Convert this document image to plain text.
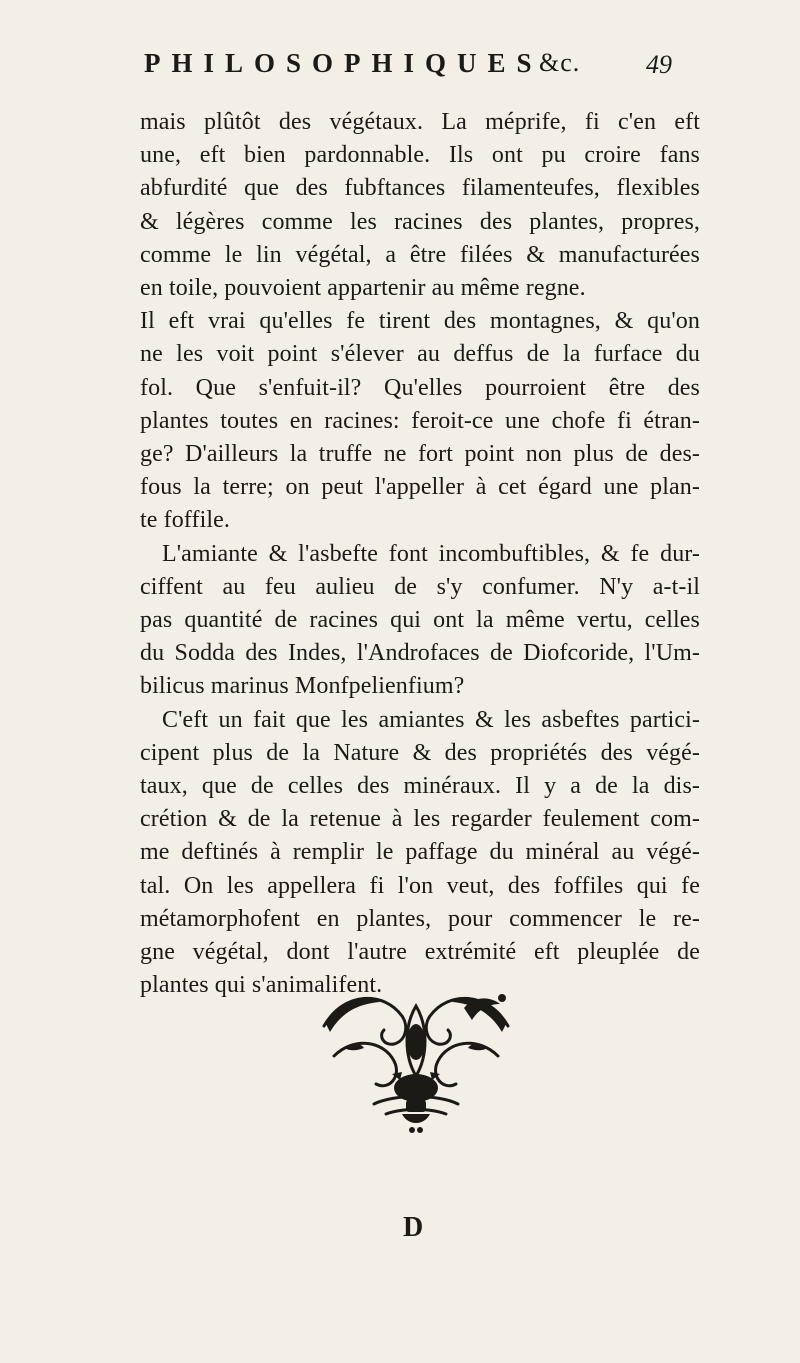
PHILOSOPHIQUES
&c.	49
mais plûtôt des végétaux. La méprife, fi c'en eft
une, eft bien pardonnable. Ils ont pu croire fans
abfurdité que des fubftances filamenteufes, flexibles
& légères comme les racines des plantes, propres,
comme le lin végétal, a être filées & manufacturées
en toile, pouvoient appartenir au même regne.
Il eft vrai qu'elles fe tirent des montagnes, & qu'on
ne les voit point s'élever au deffus de la furface du
fol. Que s'enfuit-il? Qu'elles pourroient être des
plantes toutes en racines: feroit-ce une chofe fi étran-
ge? D'ailleurs la truffe ne fort point non plus de des-
fous la terre; on peut l'appeller à cet égard une plan-
te foffile.
L'amiante & l'asbefte font incombuftibles, & fe dur-
ciffent au feu aulieu de s'y confumer. N'y a-t-il
pas quantité de racines qui ont la même vertu, celles
du Sodda des Indes, l'Androfaces de Diofcoride, l'Um-
bilicus marinus Monfpelienfium?
C'eft un fait que les amiantes & les asbeftes partici-
cipent plus de la Nature & des propriétés des végé-
taux, que de celles des minéraux. Il y a de la dis-
crétion & de la retenue à les regarder feulement com-
me deftinés à remplir le paffage du minéral au végé-
tal. On les appellera fi l'on veut, des foffiles qui fe
métamorphofent en plantes, pour commencer le re-
gne végétal, dont l'autre extrémité eft pleuplée de
plantes qui s'animalifent.
D
